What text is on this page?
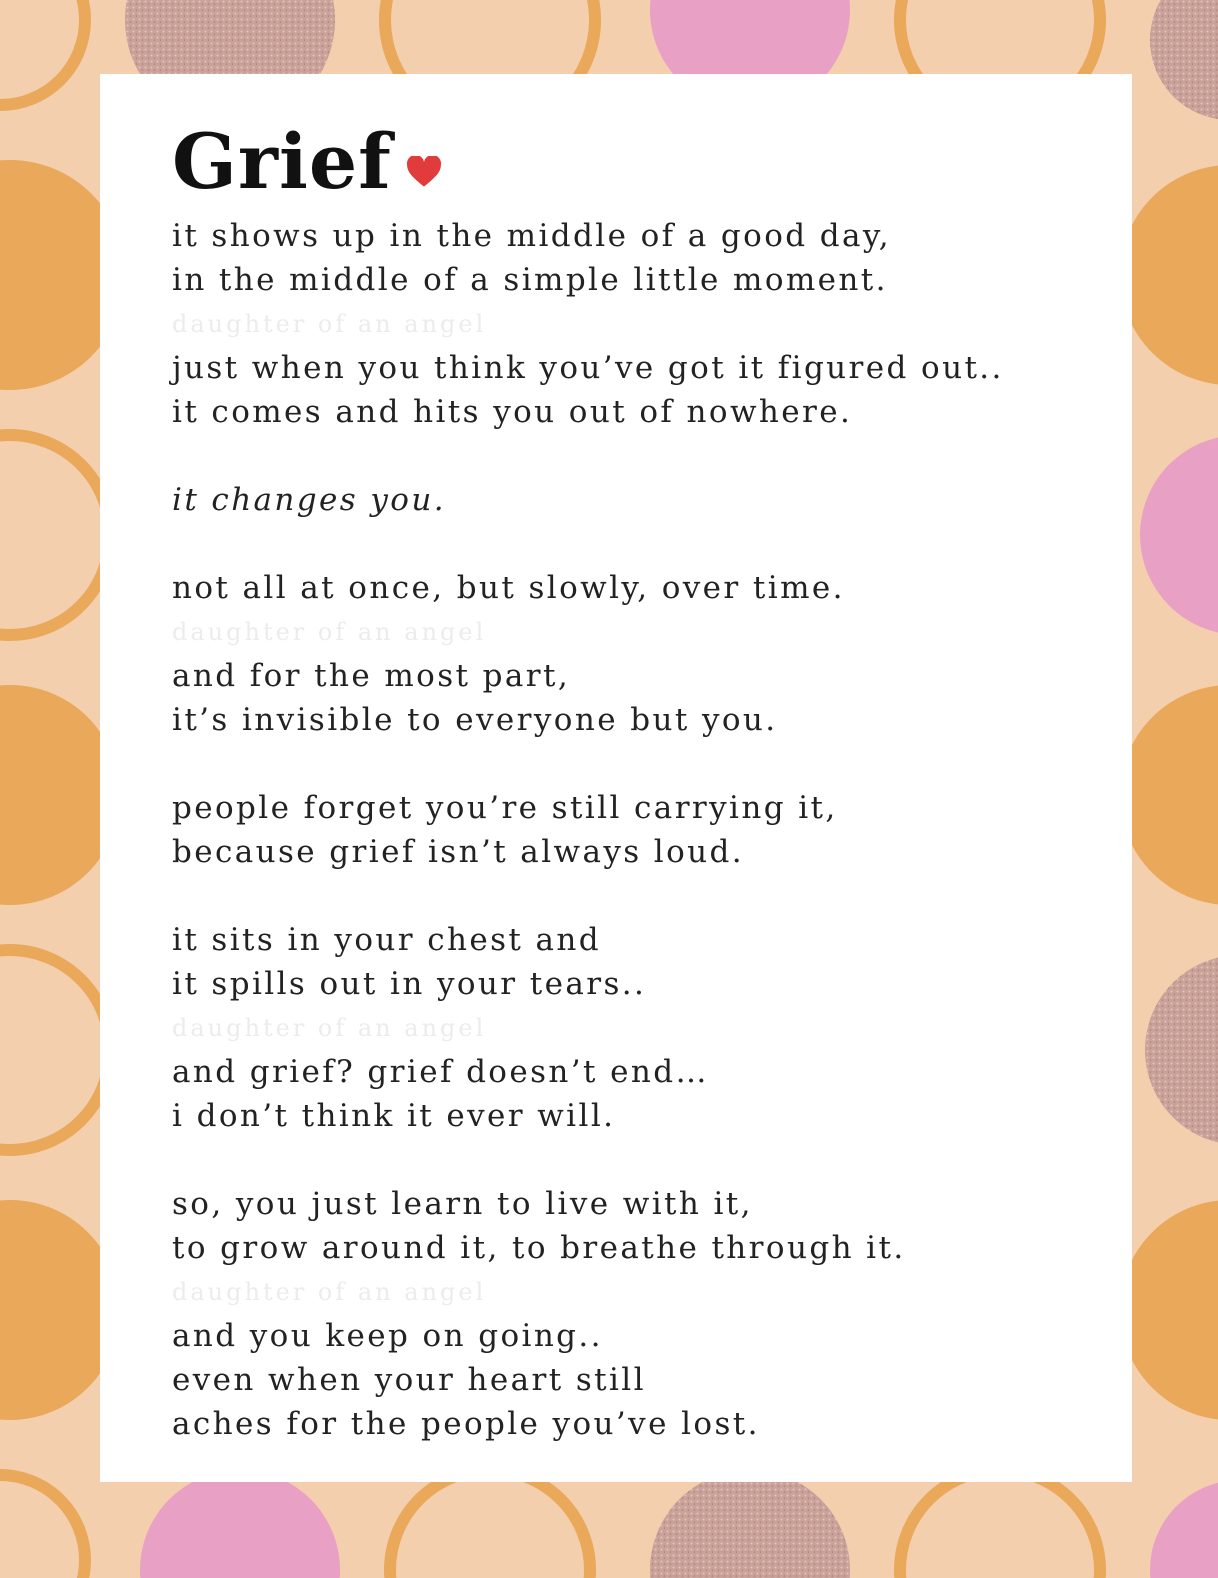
Grief
it shows up in the middle of a good day,
in the middle of a simple little moment.
daughter of an angel
just when you think you’ve got it figured out..
it comes and hits you out of nowhere.
it changes you.
not all at once, but slowly, over time.
daughter of an angel
and for the most part,
it’s invisible to everyone but you.
people forget you’re still carrying it,
because grief isn’t always loud.
it sits in your chest and
it spills out in your tears..
daughter of an angel
and grief? grief doesn’t end…
i don’t think it ever will.
so, you just learn to live with it,
to grow around it, to breathe through it.
daughter of an angel
and you keep on going..
even when your heart still
aches for the people you’ve lost.
